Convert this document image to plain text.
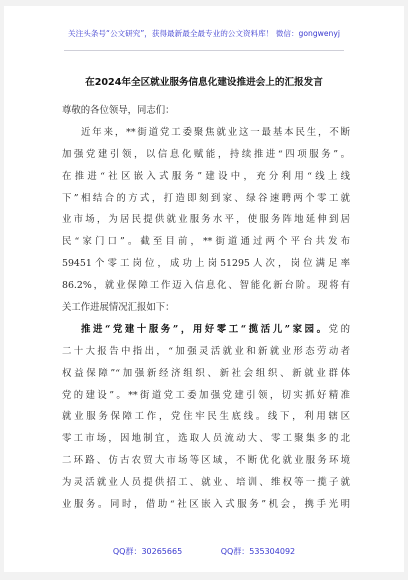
关注头条号“公文研究”，获得最新最全最专业的公文资料库！ 微信：gongwenyj
在2024年全区就业服务信息化建设推进会上的汇报发言
尊敬的各位领导，同志们：
近年来，**街道党工委聚焦就业这一最基本民生，不断
加强党建引领，以信息化赋能，持续推进“四项服务”。
在推进“社区嵌入式服务”建设中，充分利用“线上线
下”相结合的方式，打造即刻到家、绿谷速聘两个零工就
业市场，为居民提供就业服务水平，使服务阵地延伸到居
民“家门口”。截至目前，**街道通过两个平台共发布
59451个零工岗位，成功上岗51295人次，岗位满足率
86.2%，就业保障工作迈入信息化、智能化新台阶。现将有
关工作进展情况汇报如下：
推进“党建十服务”，用好零工“揽活儿”家园。党的
二十大报告中指出，“加强灵活就业和新就业形态劳动者
权益保障”“加强新经济组织、新社会组织、新就业群体
党的建设”。**街道党工委加强党建引领，切实抓好精准
就业服务保障工作，党住牢民生底线。线下，利用辖区
零工市场，因地制宜，选取人员流动大、零工聚集多的北
二环路、仿古农贸大市场等区域，不断优化就业服务环境
为灵活就业人员提供招工、就业、培训、维权等一揽子就
业服务。同时，借助“社区嵌入式服务”机会，携手光明
QQ群：30265665	QQ群：535304092
